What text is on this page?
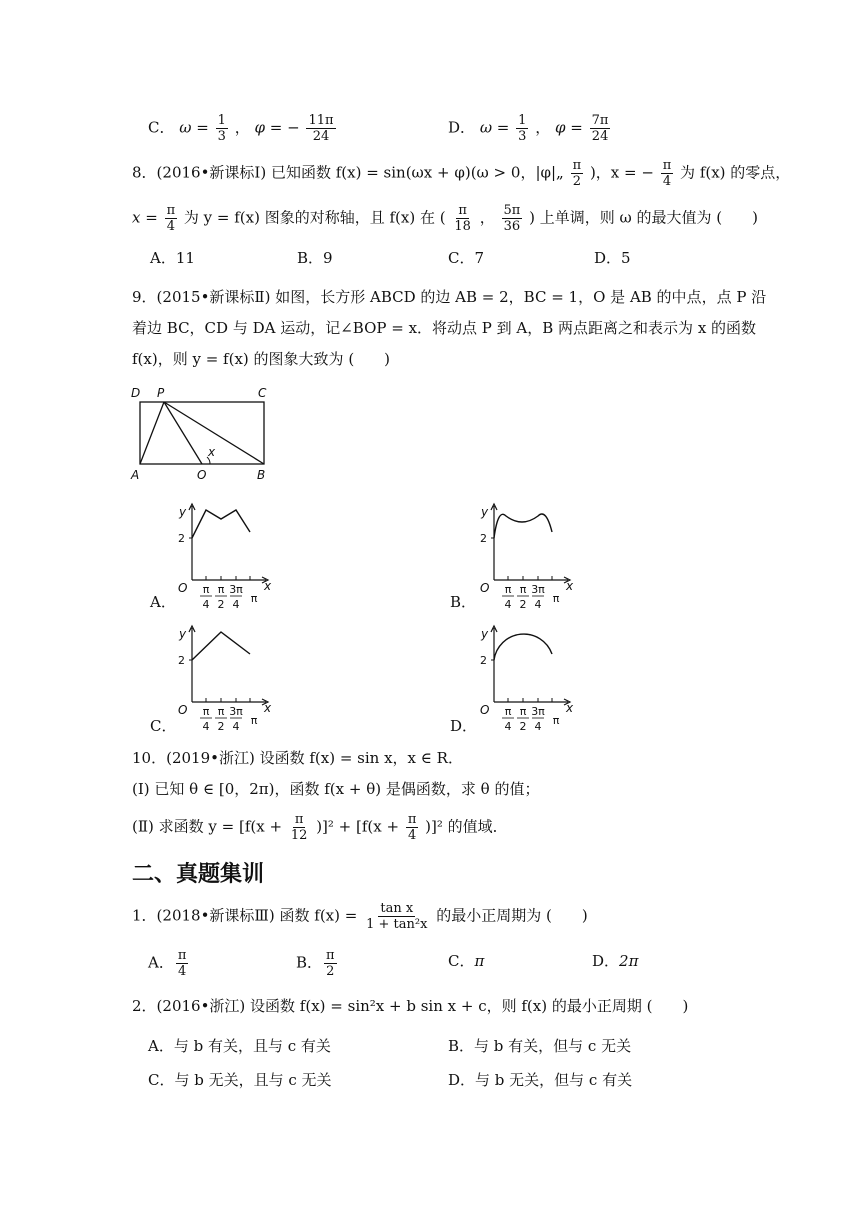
C． $\omega = \frac{1}{3}$ ， φ = − $\frac{11\pi}{24}$	D． $\omega = \frac{1}{3}$ ， $\varphi = \frac{7\pi}{24}$
8．(2016•新课标Ⅰ) 已知函数 f(x) = sin(ωx + φ)(ω > 0，|φ|„ $\frac{\pi}{2}$ )，x = − $\frac{\pi}{4}$ 为 f(x) 的零点，
$x = \frac{\pi}{4}$ 为 y = f(x) 图象的对称轴，且 f(x) 在 ( $\frac{\pi}{18}$ ， $\frac{5\pi}{36}$ ) 上单调，则 ω 的最大值为 (　　)
A．11	B．9	C．7	D．5
9．(2015•新课标Ⅱ) 如图，长方形 ABCD 的边 AB = 2，BC = 1，O 是 AB 的中点，点 P 沿
着边 BC，CD 与 DA 运动，记∠BOP = x．将动点 P 到 A，B 两点距离之和表示为 x 的函数
f(x)，则 y = f(x) 的图象大致为 (　　)
D P	C
A	O	B
x
y
2
O	x
π
4
π
2
3π
4 π
y
2
O	x
π
4
π
2
3π
4 π
y
2
O	x
π
4
π
2
3π
4 π
y
2
O	x
π
4
π
2
3π
4 π
A．	B．
C．	D．
10．(2019•浙江) 设函数 f(x) = sin x，x ∈ R．
(Ⅰ) 已知 θ ∈ [0，2π)，函数 f(x + θ) 是偶函数，求 θ 的值；
(Ⅱ) 求函数 $y = [f(x + \frac{\pi}{12} )]^2 + [f(x + \frac{\pi}{4} )]^2$ 的值域．
二、真题集训
1．(2018•新课标Ⅲ) 函数 $f(x) = \frac{\text{tan x}}{\text{1 + tan²x}}$ 的最小正周期为 (　　)
A． $\frac{\pi}{4}$	B． $\frac{\pi}{2}$	C．π	D．2π
2．(2016•浙江) 设函数 f(x) = sin²x + b sin x + c，则 f(x) 的最小正周期 (　　)
A．与 b 有关，且与 c 有关	B．与 b 有关，但与 c 无关
C．与 b 无关，且与 c 无关	D．与 b 无关，但与 c 有关
